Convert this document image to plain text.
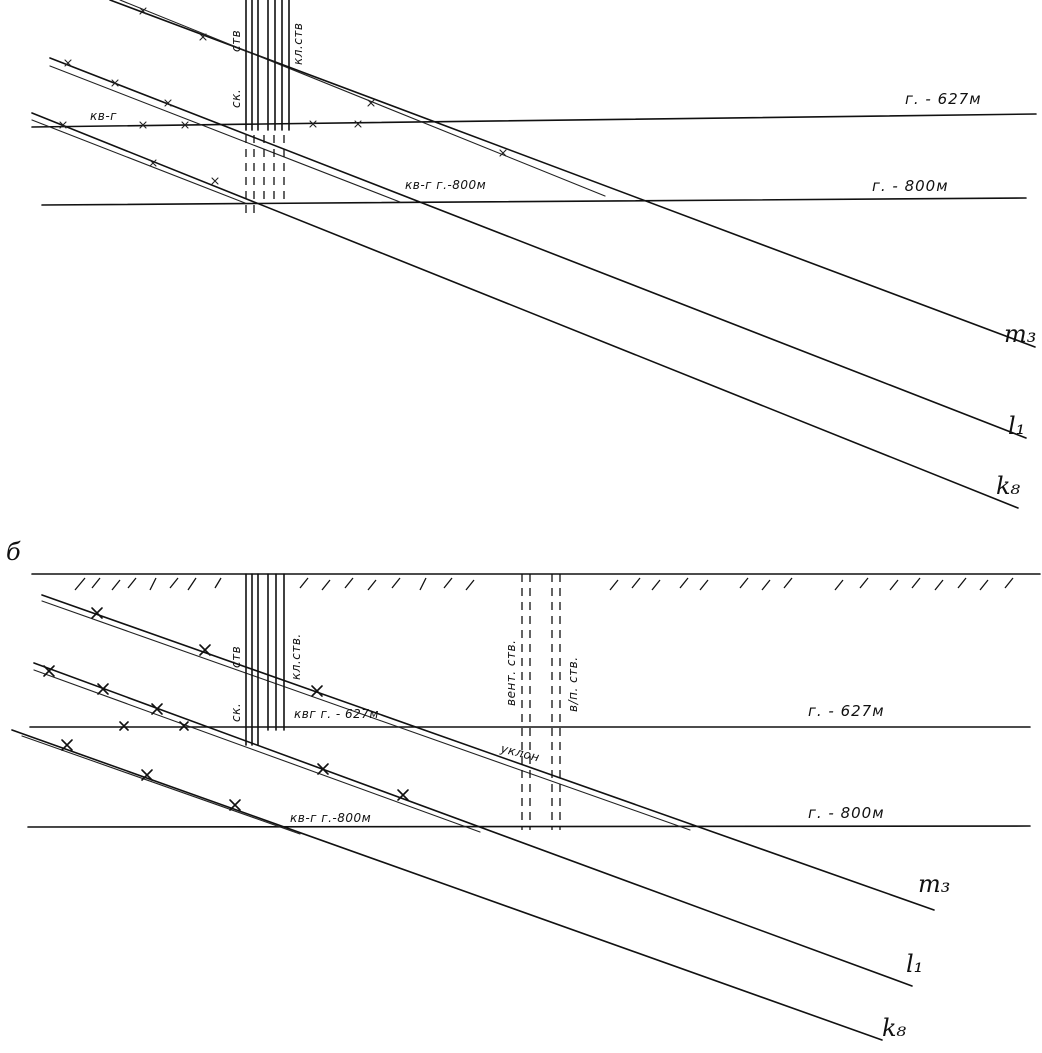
ск.
ств	кл.ств
кв-г
кв-г г.-800м
г. - 627м
г. - 800м
m₃
l₁
k₈
б
ск.
ств	кл.ств.	вент. ств.	в/п. ств.
квг г. - 627м
кв-г г.-800м
уклон
г. - 627м
г. - 800м
m₃
l₁
k₈
